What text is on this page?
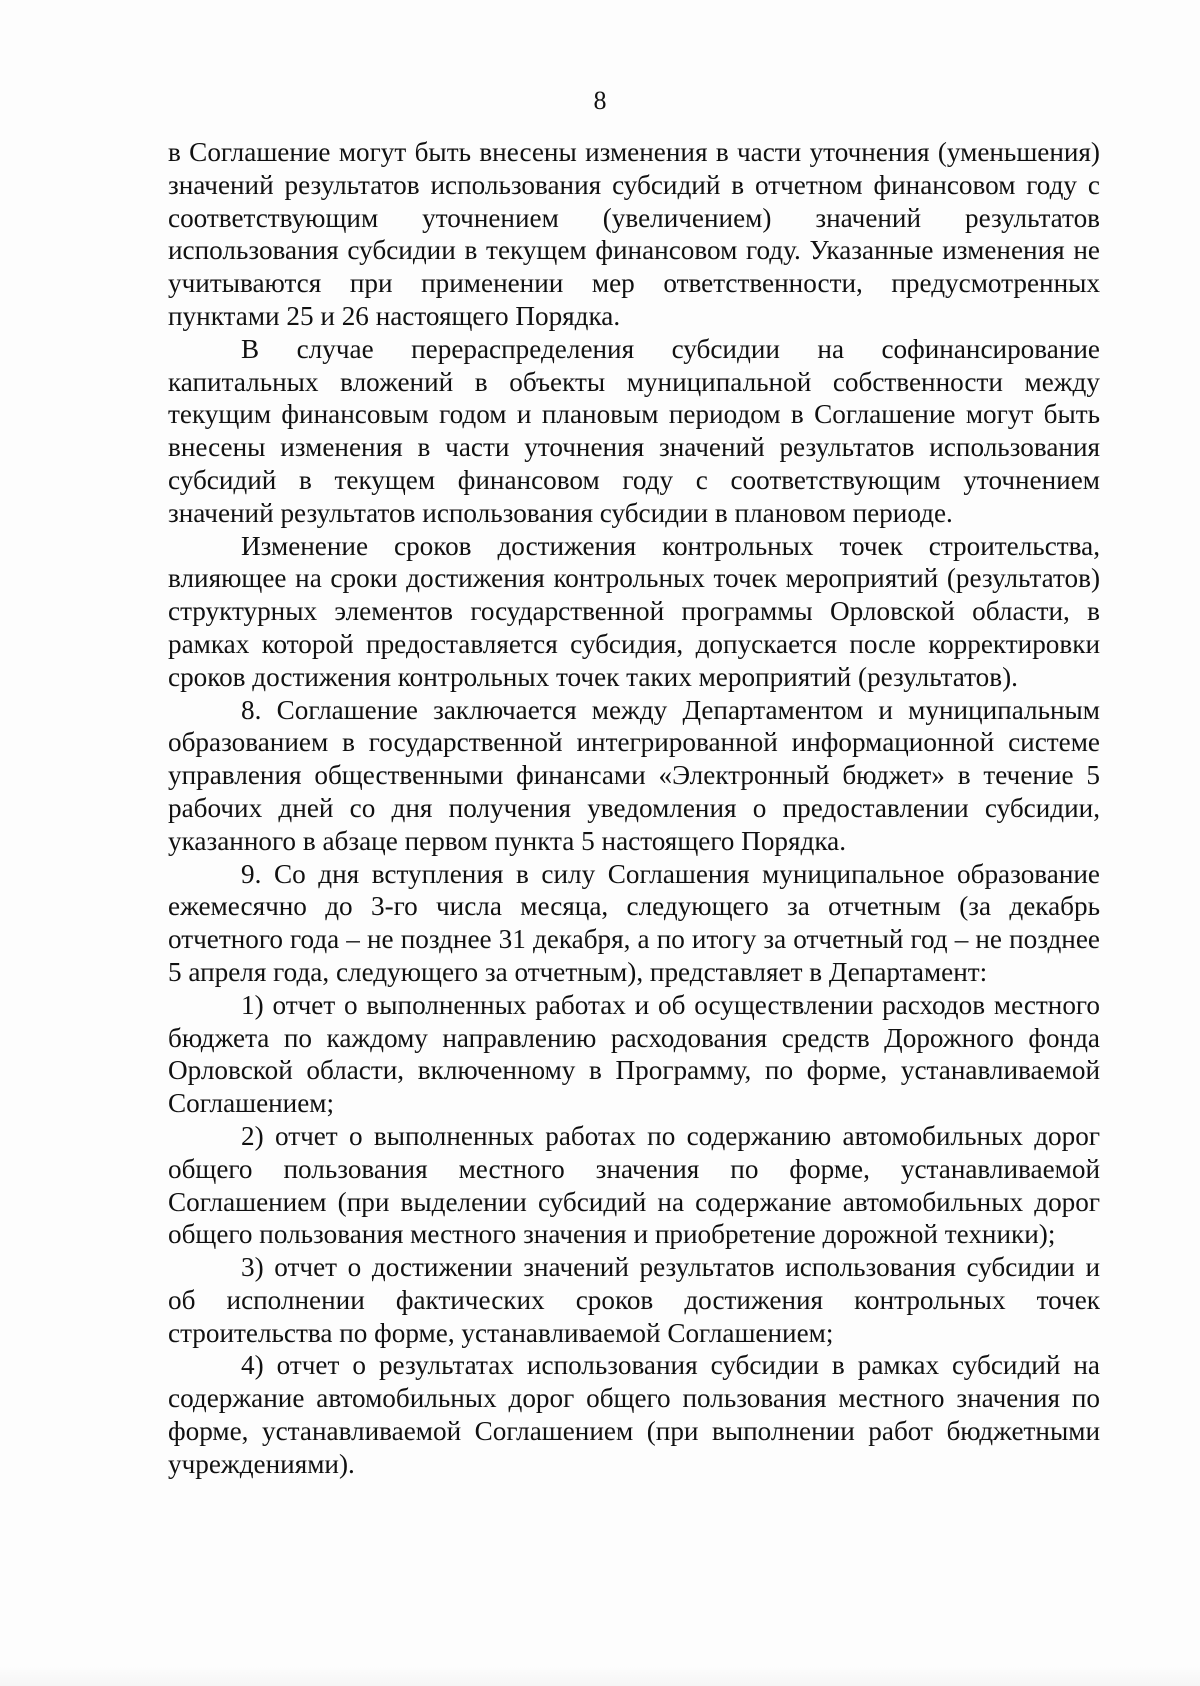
8

в Соглашение могут быть внесены изменения в части уточнения (уменьшения) значений результатов использования субсидий в отчетном финансовом году с соответствующим уточнением (увеличением) значений результатов использования субсидии в текущем финансовом году. Указанные изменения не учитываются при применении мер ответственности, предусмотренных пунктами 25 и 26 настоящего Порядка.

В случае перераспределения субсидии на софинансирование капитальных вложений в объекты муниципальной собственности между текущим финансовым годом и плановым периодом в Соглашение могут быть внесены изменения в части уточнения значений результатов использования субсидий в текущем финансовом году с соответствующим уточнением значений результатов использования субсидии в плановом периоде.

Изменение сроков достижения контрольных точек строительства, влияющее на сроки достижения контрольных точек мероприятий (результатов) структурных элементов государственной программы Орловской области, в рамках которой предоставляется субсидия, допускается после корректировки сроков достижения контрольных точек таких мероприятий (результатов).

8. Соглашение заключается между Департаментом и муниципальным образованием в государственной интегрированной информационной системе управления общественными финансами «Электронный бюджет» в течение 5 рабочих дней со дня получения уведомления о предоставлении субсидии, указанного в абзаце первом пункта 5 настоящего Порядка.

9. Со дня вступления в силу Соглашения муниципальное образование ежемесячно до 3-го числа месяца, следующего за отчетным (за декабрь отчетного года – не позднее 31 декабря, а по итогу за отчетный год – не позднее 5 апреля года, следующего за отчетным), представляет в Департамент:

1) отчет о выполненных работах и об осуществлении расходов местного бюджета по каждому направлению расходования средств Дорожного фонда Орловской области, включенному в Программу, по форме, устанавливаемой Соглашением;

2) отчет о выполненных работах по содержанию автомобильных дорог общего пользования местного значения по форме, устанавливаемой Соглашением (при выделении субсидий на содержание автомобильных дорог общего пользования местного значения и приобретение дорожной техники);

3) отчет о достижении значений результатов использования субсидии и об исполнении фактических сроков достижения контрольных точек строительства по форме, устанавливаемой Соглашением;

4) отчет о результатах использования субсидии в рамках субсидий на содержание автомобильных дорог общего пользования местного значения по форме, устанавливаемой Соглашением (при выполнении работ бюджетными учреждениями).
